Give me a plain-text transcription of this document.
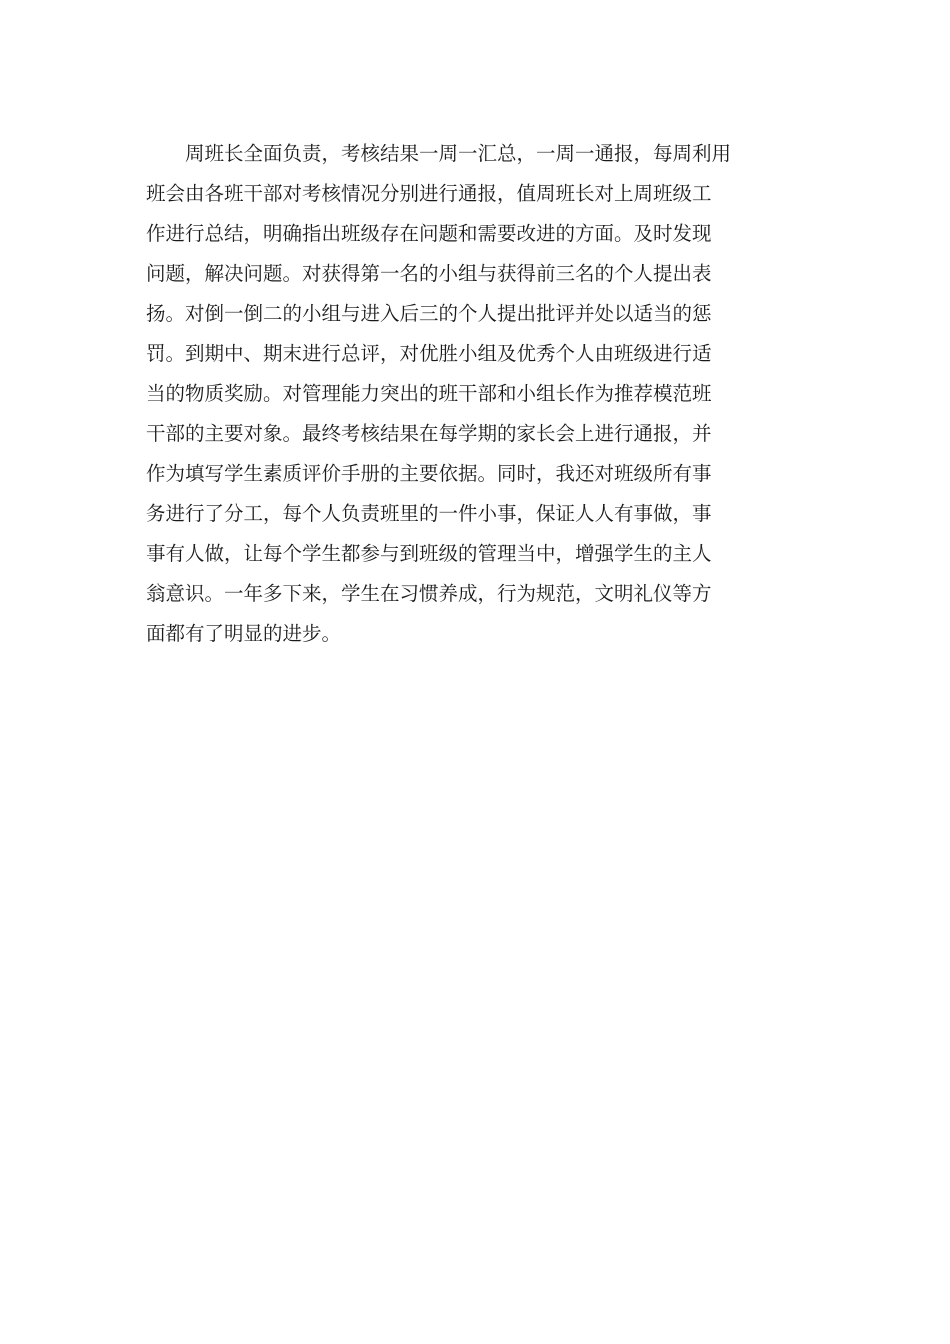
　　周班长全面负责，考核结果一周一汇总，一周一通报，每周利用
班会由各班干部对考核情况分别进行通报，值周班长对上周班级工
作进行总结，明确指出班级存在问题和需要改进的方面。及时发现
问题，解决问题。对获得第一名的小组与获得前三名的个人提出表
扬。对倒一倒二的小组与进入后三的个人提出批评并处以适当的惩
罚。到期中、期末进行总评，对优胜小组及优秀个人由班级进行适
当的物质奖励。对管理能力突出的班干部和小组长作为推荐模范班
干部的主要对象。最终考核结果在每学期的家长会上进行通报，并
作为填写学生素质评价手册的主要依据。同时，我还对班级所有事
务进行了分工，每个人负责班里的一件小事，保证人人有事做，事
事有人做，让每个学生都参与到班级的管理当中，增强学生的主人
翁意识。一年多下来，学生在习惯养成，行为规范，文明礼仪等方
面都有了明显的进步。
